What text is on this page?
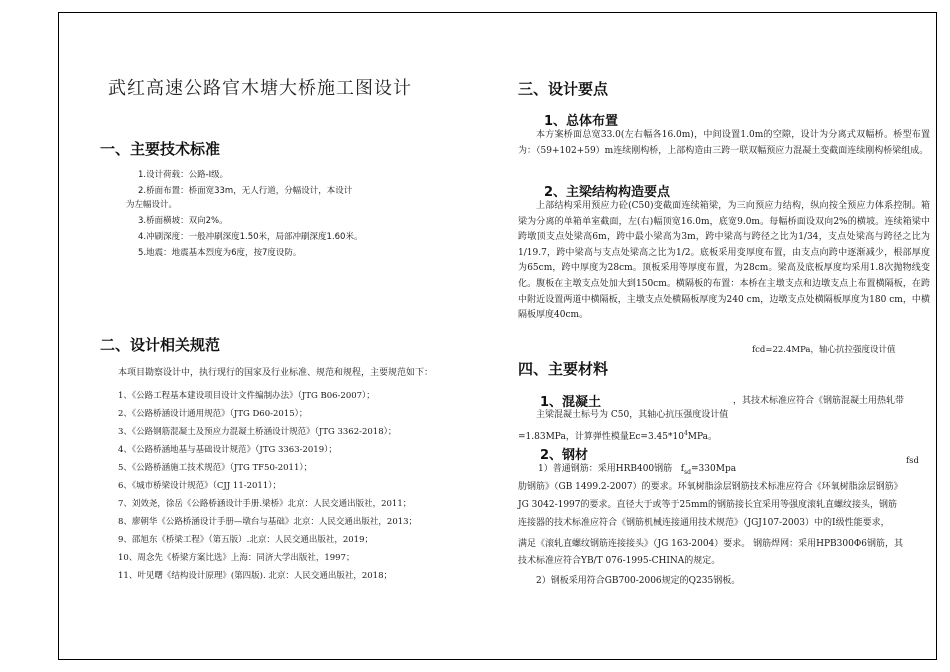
武红高速公路官木塘大桥施工图设计
一、主要技术标准
1.设计荷载：公路-Ⅰ级。
2.桥面布置：桥面宽33m，无人行道，分幅设计，本设计
为左幅设计。
3.桥面横坡：双向2%。
4.冲刷深度：一般冲刷深度1.50米，局部冲刷深度1.60米。
5.地震：地震基本烈度为6度，按7度设防。
二、设计相关规范
本项目勘察设计中，执行现行的国家及行业标准、规范和规程，主要规范如下：
1、《公路工程基本建设项目设计文件编制办法》（JTG B06-2007）；
2、《公路桥涵设计通用规范》（JTG D60-2015）；
3、《公路钢筋混凝土及预应力混凝土桥涵设计规范》（JTG 3362-2018）；
4、《公路桥涵地基与基础设计规范》（JTG 3363-2019）；
5、《公路桥涵施工技术规范》（JTG TF50-2011）；
6、《城市桥梁设计规范》（CJJ 11-2011）；
7、刘效尧，徐岳《公路桥涵设计手册.梁桥》北京：人民交通出版社，2011；
8、廖朝华《公路桥涵设计手册—墩台与基础》北京：人民交通出版社，2013；
9、邵旭东《桥梁工程》（第五版）.北京：人民交通出版社，2019；
10、周念先《桥梁方案比选》上海：同济大学出版社，1997；
11、叶见曙《结构设计原理》(第四版). 北京：人民交通出版社，2018；
三、设计要点
1、总体布置
本方案桥面总宽33.0(左右幅各16.0m)，中间设置1.0m的空隙，设计为分离式双幅桥。桥型布置为：（59+102+59）m连续刚构桥，上部构造由三跨一联双幅预应力混凝土变截面连续刚构桥梁组成。
2、主梁结构构造要点
上部结构采用预应力砼(C50)变截面连续箱梁，为三向预应力结构，纵向按全预应力体系控制。箱梁为分离的单箱单室截面，左(右)幅顶宽16.0m，底宽9.0m。每幅桥面设双向2%的横坡。连续箱梁中跨墩顶支点处梁高6m，跨中最小梁高为3m，跨中梁高与跨径之比为1/34，支点处梁高与跨径之比为1/19.7，跨中梁高与支点处梁高之比为1/2。底板采用变厚度布置，由支点向跨中逐渐减少，根部厚度为65cm，跨中厚度为28cm。顶板采用等厚度布置，为28cm。梁高及底板厚度均采用1.8次抛物线变化。腹板在主墩支点处加大到150cm。横隔板的布置：本桥在主墩支点和边墩支点上布置横隔板，在跨中附近设置两道中横隔板，主墩支点处横隔板厚度为240 cm，边墩支点处横隔板厚度为180 cm，中横隔板厚度40cm。
fcd=22.4MPa，轴心抗拉强度设计值
四、主要材料
1、混凝土	，其技术标准应符合《钢筋混凝土用热轧带
主梁混凝土标号为 C50，其轴心抗压强度设计值
=1.83MPa，计算弹性模量$Ec=3.45*10^4MPa$。
2、钢材
1）普通钢筋：采用HRB400钢筋 $f_{sd}=330Mpa$
fsd
肋钢筋》（GB 1499.2-2007）的要求。环氧树脂涂层钢筋技术标准应符合《环氧树脂涂层钢筋》
JG 3042-1997的要求。直径大于或等于25mm的钢筋接长宜采用等强度滚轧直螺纹接头，钢筋
连接器的技术标准应符合《钢筋机械连接通用技术规范》（JGJ107-2003）中的Ⅰ级性能要求，
满足《滚轧直螺纹钢筋连接接头》（JG 163-2004）要求。 钢筋焊网：采用HPB300Φ6钢筋，其
技术标准应符合YB/T 076-1995-CHINA的规定。
2）钢板采用符合GB700-2006规定的Q235钢板。
